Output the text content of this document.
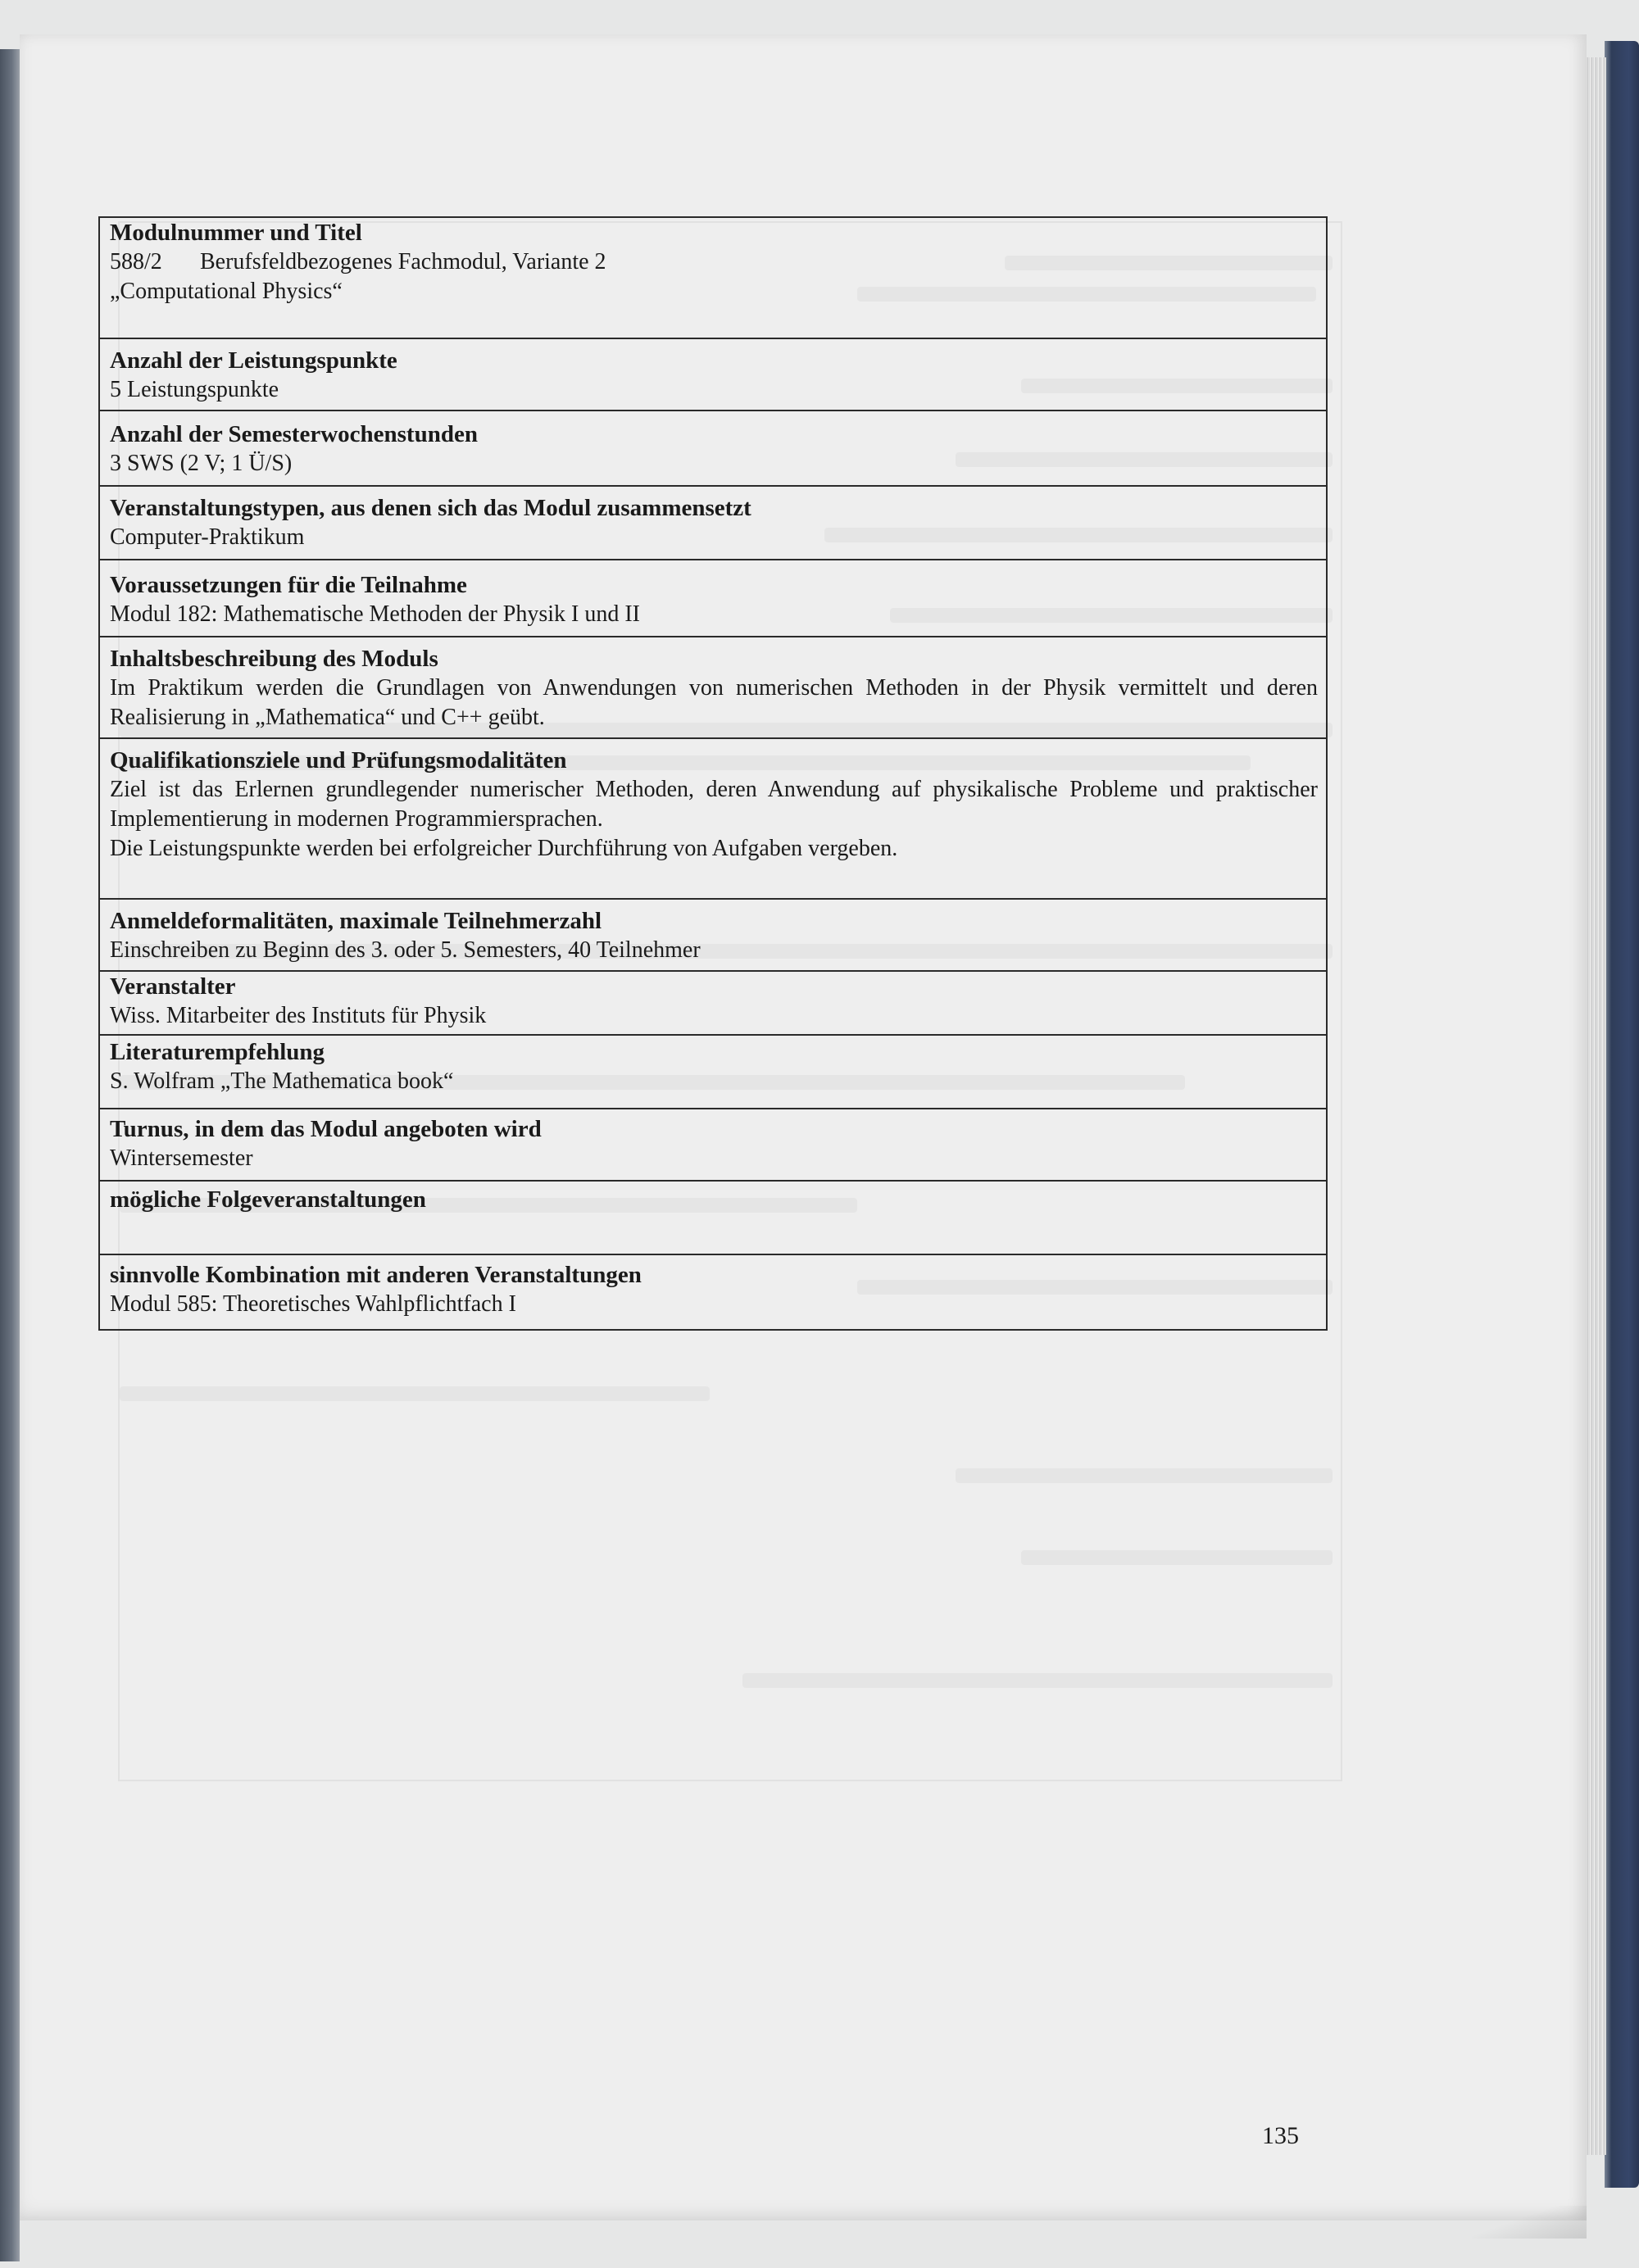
Modulnummer und Titel

588/2 Berufsfeldbezogenes Fachmodul, Variante 2

„Computational Physics“

Anzahl der Leistungspunkte

5 Leistungspunkte

Anzahl der Semesterwochenstunden

3 SWS (2 V; 1 Ü/S)

Veranstaltungstypen, aus denen sich das Modul zusammensetzt

Computer-Praktikum

Voraussetzungen für die Teilnahme

Modul 182: Mathematische Methoden der Physik I und II

Inhaltsbeschreibung des Moduls

Im Praktikum werden die Grundlagen von Anwendungen von numerischen Methoden in der Physik vermittelt und deren Realisierung in „Mathematica“ und C++ geübt.

Qualifikationsziele und Prüfungsmodalitäten

Ziel ist das Erlernen grundlegender numerischer Methoden, deren Anwendung auf physikalische Probleme und praktischer Implementierung in modernen Programmiersprachen.

Die Leistungspunkte werden bei erfolgreicher Durchführung von Aufgaben vergeben.

Anmeldeformalitäten, maximale Teilnehmerzahl

Einschreiben zu Beginn des 3. oder 5. Semesters, 40 Teilnehmer

Veranstalter

Wiss. Mitarbeiter des Instituts für Physik

Literaturempfehlung

S. Wolfram „The Mathematica book“

Turnus, in dem das Modul angeboten wird

Wintersemester

mögliche Folgeveranstaltungen

sinnvolle Kombination mit anderen Veranstaltungen

Modul 585: Theoretisches Wahlpflichtfach I

135
